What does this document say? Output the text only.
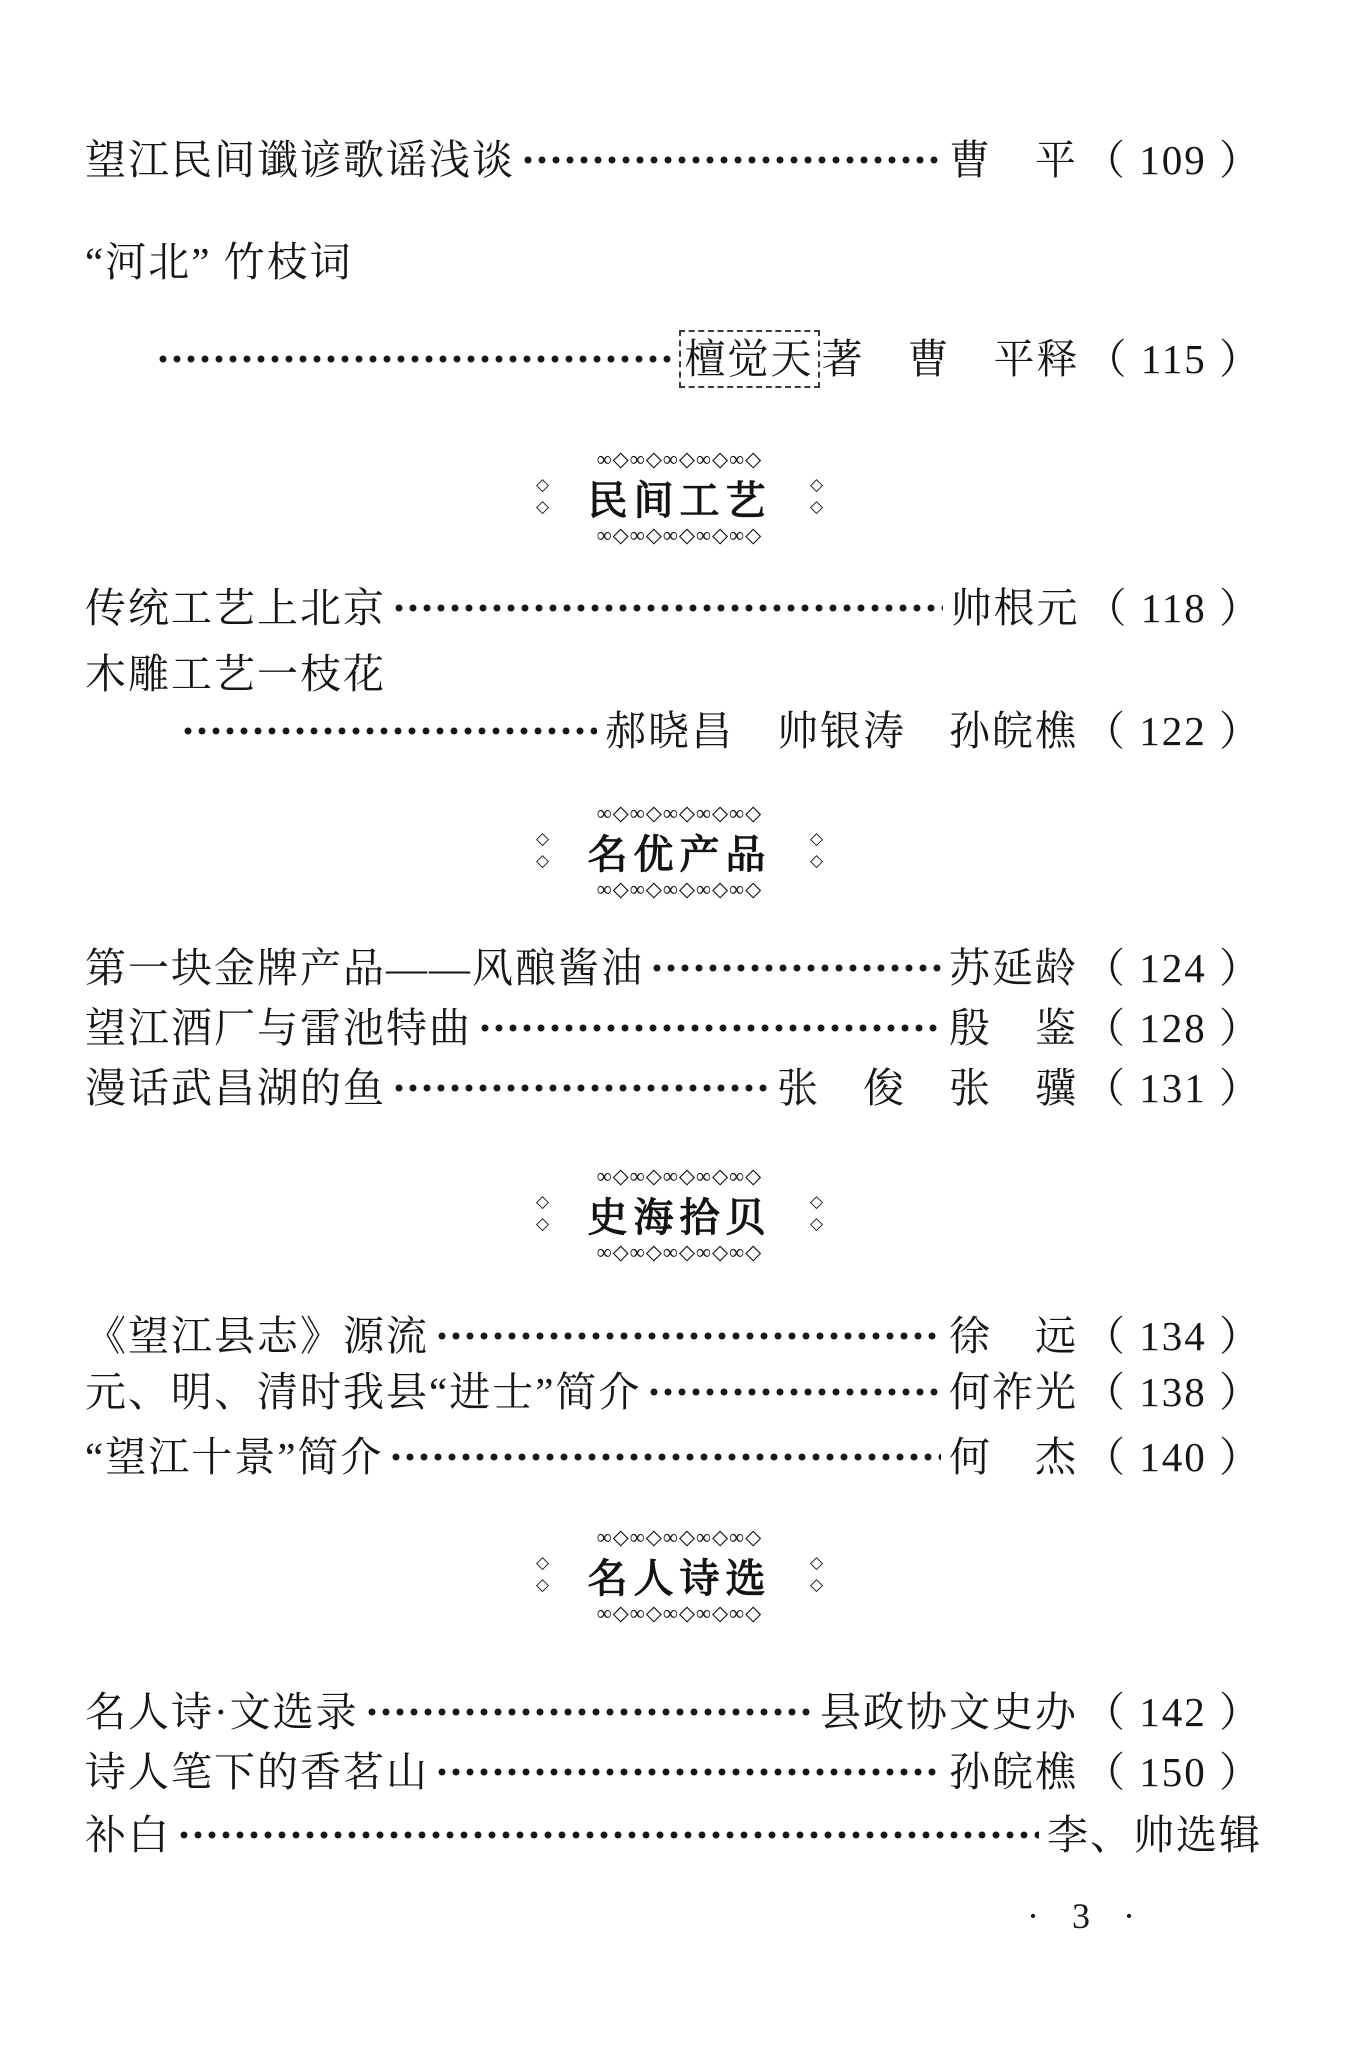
望江民间谶谚歌谣浅谈	曹　平 （ 109 ）
“河北” 竹枝词
檀觉天 著　曹　平释 （ 115 ）
∞◇∞◇∞◇∞◇∞◇
◇◇ 民间工艺 ◇◇
∞◇∞◇∞◇∞◇∞◇
传统工艺上北京	帅根元 （ 118 ）
木雕工艺一枝花
郝晓昌　帅银涛　孙皖樵 （ 122 ）
∞◇∞◇∞◇∞◇∞◇
◇◇ 名优产品 ◇◇
∞◇∞◇∞◇∞◇∞◇
第一块金牌产品——风酿酱油	苏延龄 （ 124 ）
望江酒厂与雷池特曲	殷　鉴 （ 128 ）
漫话武昌湖的鱼	张　俊　张　骥 （ 131 ）
∞◇∞◇∞◇∞◇∞◇
◇◇ 史海拾贝 ◇◇
∞◇∞◇∞◇∞◇∞◇
《望江县志》源流	徐　远 （ 134 ）
元、明、清时我县“进士”简介	何祚光 （ 138 ）
“望江十景”简介	何　杰 （ 140 ）
∞◇∞◇∞◇∞◇∞◇
◇◇ 名人诗选 ◇◇
∞◇∞◇∞◇∞◇∞◇
名人诗·文选录	县政协文史办 （ 142 ）
诗人笔下的香茗山	孙皖樵 （ 150 ）
补白	李、帅选辑
· 3 ·
